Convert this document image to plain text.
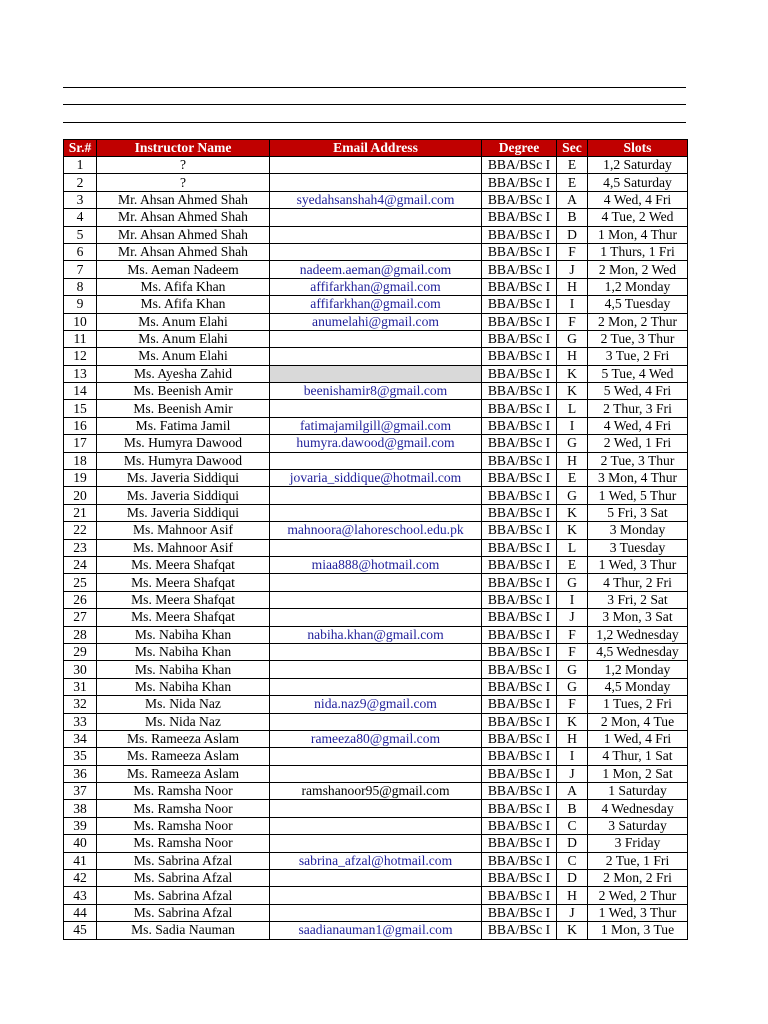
Sr.#	Instructor Name	Email Address	Degree	Sec	Slots
1	?		BBA/BSc I	E	1,2 Saturday
2	?		BBA/BSc I	E	4,5 Saturday
3	Mr. Ahsan Ahmed Shah	syedahsanshah4@gmail.com	BBA/BSc I	A	4 Wed, 4 Fri
4	Mr. Ahsan Ahmed Shah		BBA/BSc I	B	4 Tue, 2 Wed
5	Mr. Ahsan Ahmed Shah		BBA/BSc I	D	1 Mon, 4 Thur
6	Mr. Ahsan Ahmed Shah		BBA/BSc I	F	1 Thurs, 1 Fri
7	Ms. Aeman Nadeem	nadeem.aeman@gmail.com	BBA/BSc I	J	2 Mon, 2 Wed
8	Ms. Afifa Khan	affifarkhan@gmail.com	BBA/BSc I	H	1,2 Monday
9	Ms. Afifa Khan	affifarkhan@gmail.com	BBA/BSc I	I	4,5 Tuesday
10	Ms. Anum Elahi	anumelahi@gmail.com	BBA/BSc I	F	2 Mon, 2 Thur
11	Ms. Anum Elahi		BBA/BSc I	G	2 Tue, 3 Thur
12	Ms. Anum Elahi		BBA/BSc I	H	3 Tue, 2 Fri
13	Ms. Ayesha Zahid		BBA/BSc I	K	5 Tue, 4 Wed
14	Ms. Beenish Amir	beenishamir8@gmail.com	BBA/BSc I	K	5 Wed, 4 Fri
15	Ms. Beenish Amir		BBA/BSc I	L	2 Thur, 3 Fri
16	Ms. Fatima Jamil	fatimajamilgill@gmail.com	BBA/BSc I	I	4 Wed, 4 Fri
17	Ms. Humyra Dawood	humyra.dawood@gmail.com	BBA/BSc I	G	2 Wed, 1 Fri
18	Ms. Humyra Dawood		BBA/BSc I	H	2 Tue, 3 Thur
19	Ms. Javeria Siddiqui	jovaria_siddique@hotmail.com	BBA/BSc I	E	3 Mon, 4 Thur
20	Ms. Javeria Siddiqui		BBA/BSc I	G	1 Wed, 5 Thur
21	Ms. Javeria Siddiqui		BBA/BSc I	K	5 Fri, 3 Sat
22	Ms. Mahnoor Asif	mahnoora@lahoreschool.edu.pk	BBA/BSc I	K	3 Monday
23	Ms. Mahnoor Asif		BBA/BSc I	L	3 Tuesday
24	Ms. Meera Shafqat	miaa888@hotmail.com	BBA/BSc I	E	1 Wed, 3 Thur
25	Ms. Meera Shafqat		BBA/BSc I	G	4 Thur, 2 Fri
26	Ms. Meera Shafqat		BBA/BSc I	I	3 Fri, 2 Sat
27	Ms. Meera Shafqat		BBA/BSc I	J	3 Mon, 3 Sat
28	Ms. Nabiha Khan	nabiha.khan@gmail.com	BBA/BSc I	F	1,2 Wednesday
29	Ms. Nabiha Khan		BBA/BSc I	F	4,5 Wednesday
30	Ms. Nabiha Khan		BBA/BSc I	G	1,2 Monday
31	Ms. Nabiha Khan		BBA/BSc I	G	4,5 Monday
32	Ms. Nida Naz	nida.naz9@gmail.com	BBA/BSc I	F	1 Tues, 2 Fri
33	Ms. Nida Naz		BBA/BSc I	K	2 Mon, 4 Tue
34	Ms. Rameeza Aslam	rameeza80@gmail.com	BBA/BSc I	H	1 Wed, 4 Fri
35	Ms. Rameeza Aslam		BBA/BSc I	I	4 Thur, 1 Sat
36	Ms. Rameeza Aslam		BBA/BSc I	J	1 Mon, 2 Sat
37	Ms. Ramsha Noor	ramshanoor95@gmail.com	BBA/BSc I	A	1 Saturday
38	Ms. Ramsha Noor		BBA/BSc I	B	4 Wednesday
39	Ms. Ramsha Noor		BBA/BSc I	C	3 Saturday
40	Ms. Ramsha Noor		BBA/BSc I	D	3 Friday
41	Ms. Sabrina Afzal	sabrina_afzal@hotmail.com	BBA/BSc I	C	2 Tue, 1 Fri
42	Ms. Sabrina Afzal		BBA/BSc I	D	2 Mon, 2 Fri
43	Ms. Sabrina Afzal		BBA/BSc I	H	2 Wed, 2 Thur
44	Ms. Sabrina Afzal		BBA/BSc I	J	1 Wed, 3 Thur
45	Ms. Sadia Nauman	saadianauman1@gmail.com	BBA/BSc I	K	1 Mon, 3 Tue
